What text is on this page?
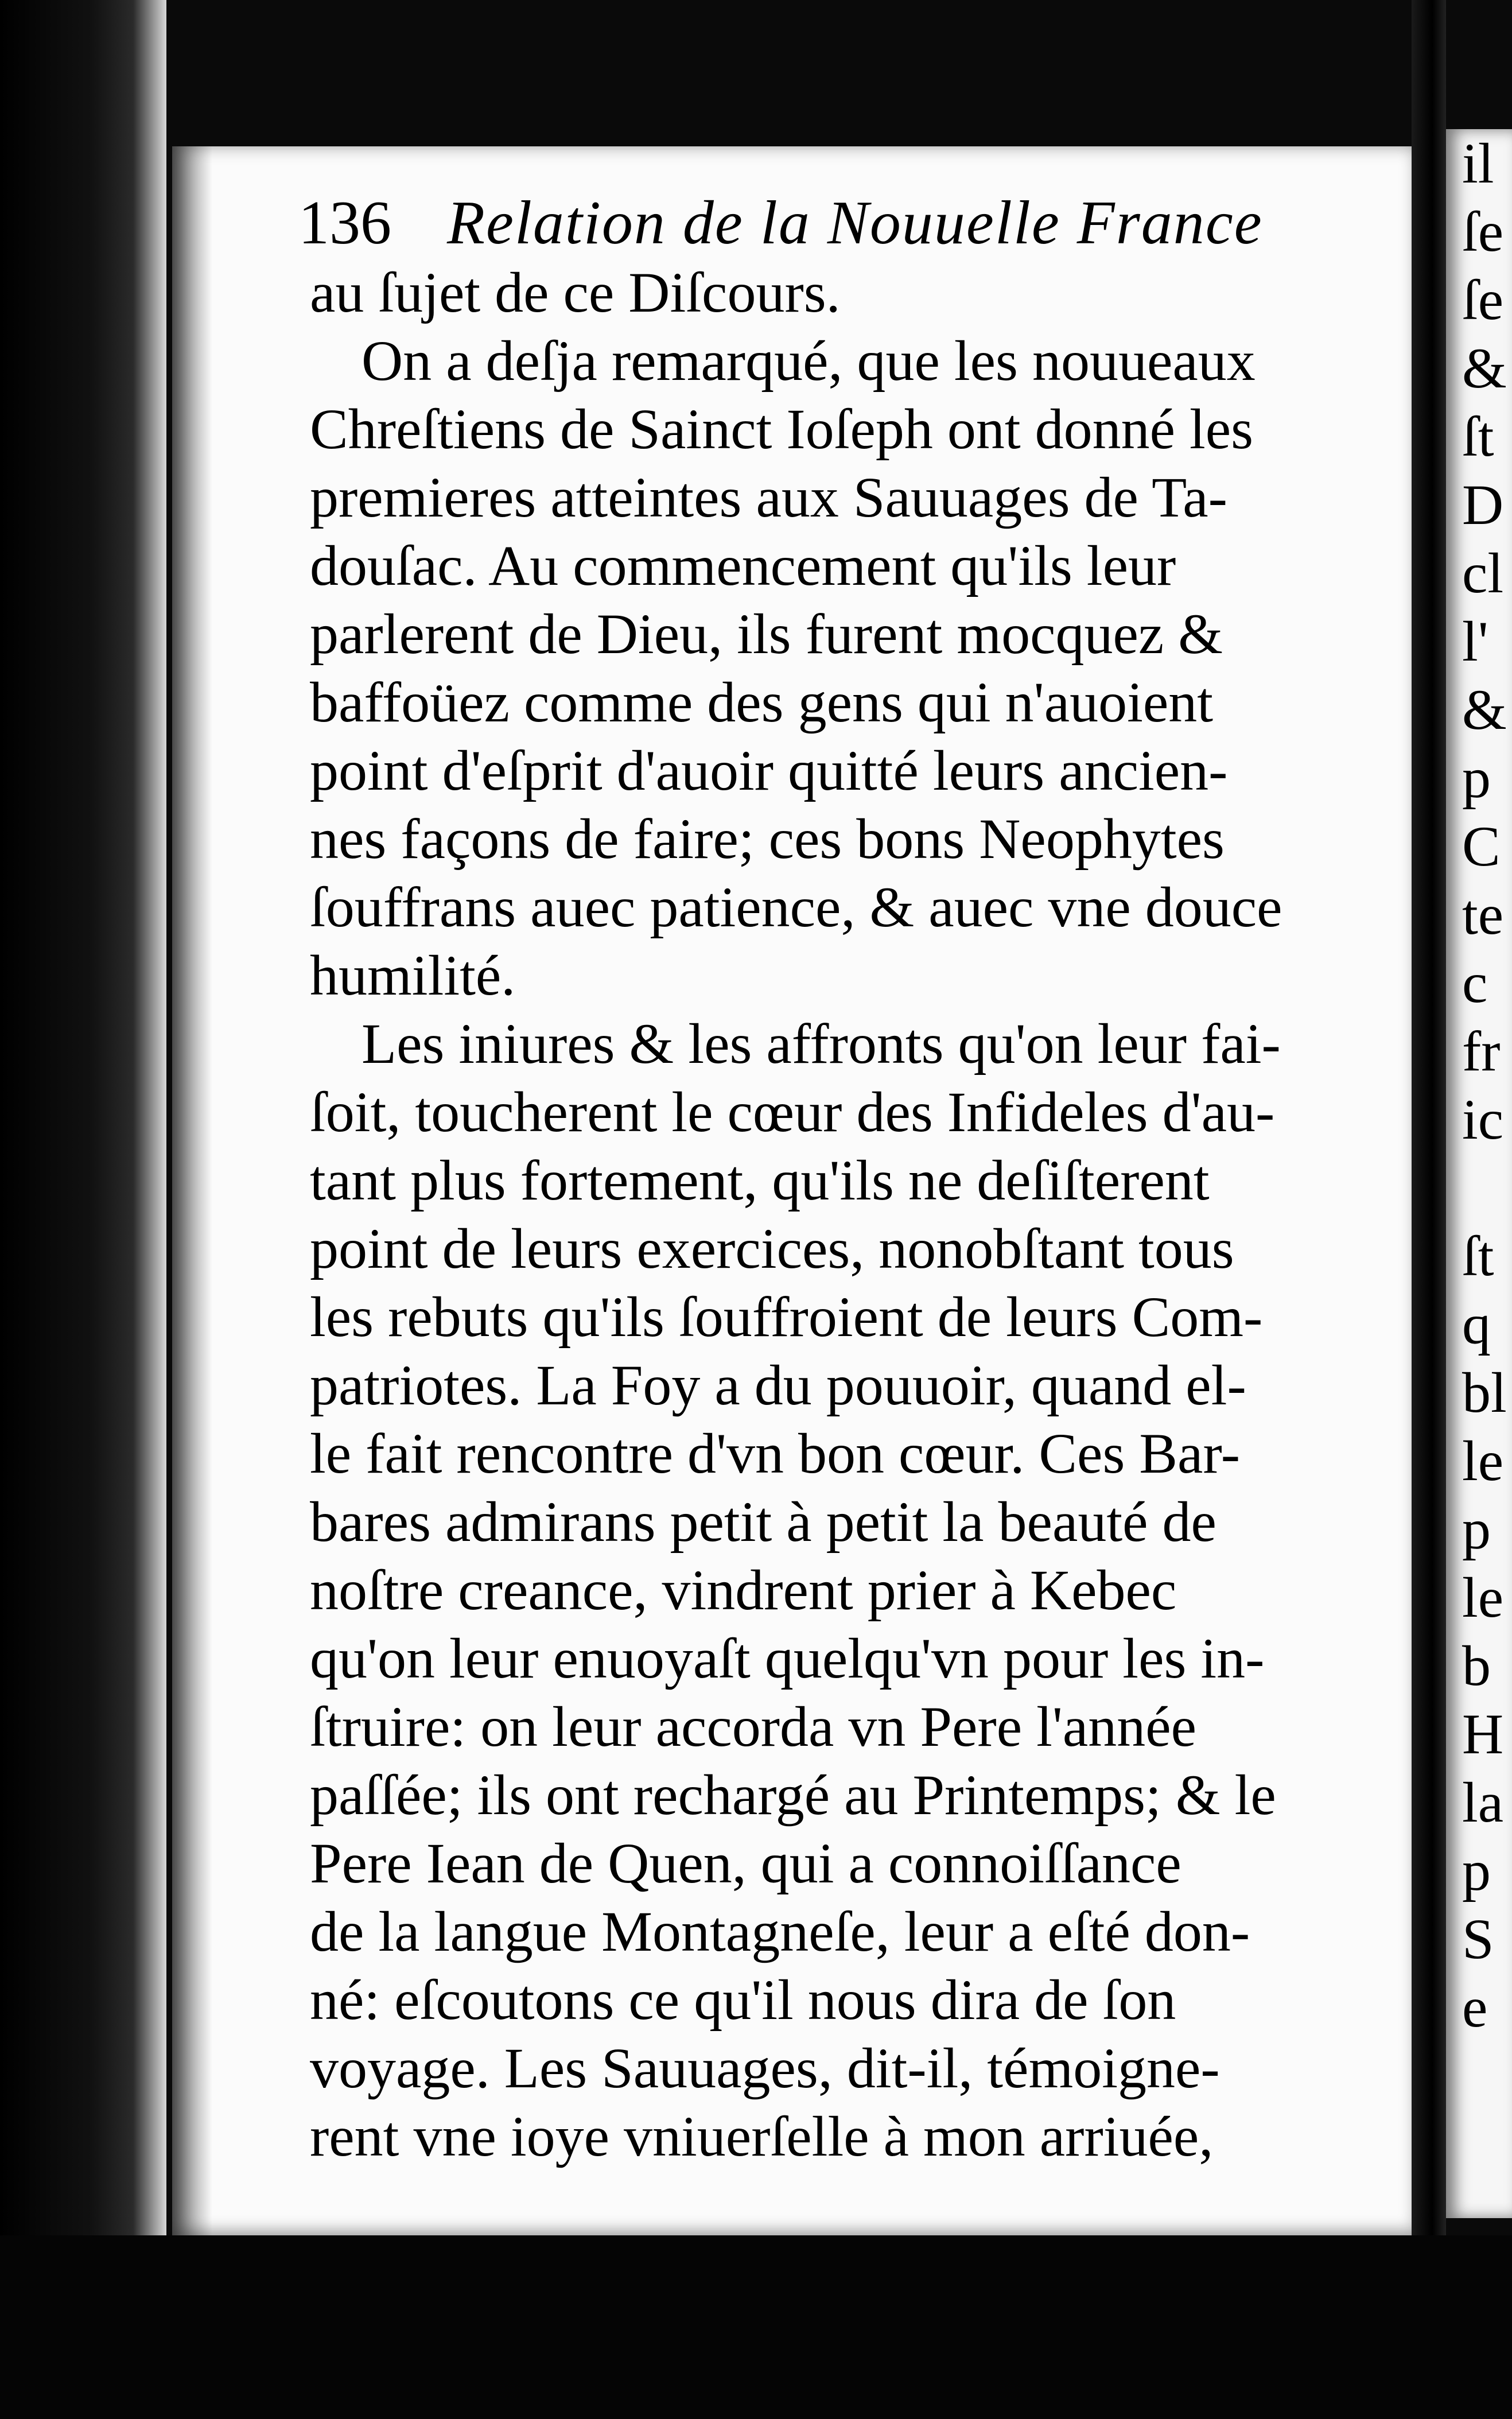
136 Relation de la Nouuelle France
au ſujet de ce Diſcours.
On a deſja remarqué, que les nouueaux
Chreſtiens de Sainct Ioſeph ont donné les
premieres atteintes aux Sauuages de Ta-
douſac. Au commencement qu'ils leur
parlerent de Dieu, ils furent mocquez &
baffoüez comme des gens qui n'auoient
point d'eſprit d'auoir quitté leurs ancien-
nes façons de faire; ces bons Neophytes
ſouffrans auec patience, & auec vne douce
humilité.
Les iniures & les affronts qu'on leur fai-
ſoit, toucherent le cœur des Infideles d'au-
tant plus fortement, qu'ils ne deſiſterent
point de leurs exercices, nonobſtant tous
les rebuts qu'ils ſouffroient de leurs Com-
patriotes. La Foy a du pouuoir, quand el-
le fait rencontre d'vn bon cœur. Ces Bar-
bares admirans petit à petit la beauté de
noſtre creance, vindrent prier à Kebec
qu'on leur enuoyaſt quelqu'vn pour les in-
ſtruire: on leur accorda vn Pere l'année
paſſée; ils ont rechargé au Printemps; & le
Pere Iean de Quen, qui a connoiſſance
de la langue Montagneſe, leur a eſté don-
né: eſcoutons ce qu'il nous dira de ſon
voyage. Les Sauuages, dit-il, témoigne-
rent vne ioye vniuerſelle à mon arriuée,
il
ſe
ſe
&
ſt
D
cl
l'
&
p
C
te
c
fr
ic

ſt
q
bl
le
p
le
b
H
la
p
S
e
